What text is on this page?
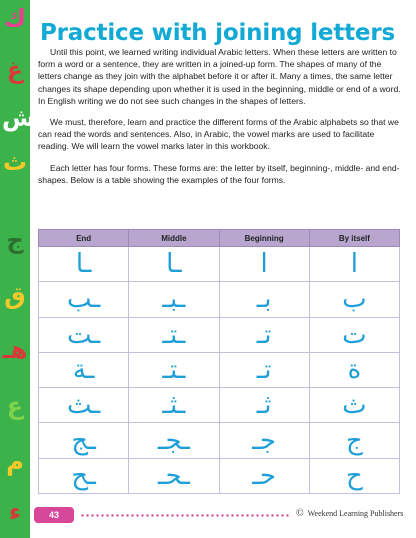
ك
غ
ش
ث
ج
ق
هـ
ع
م
ء
Practice with joining letters

Until this point, we learned writing individual Arabic letters. When these letters are written to form a word or a sentence, they are written in a joined-up form. The shapes of many of the letters change as they join with the alphabet before it or after it. Many a times, the same letter changes its shape depending upon whether it is used in the beginning, middle or end of a word. In English writing we do not see such changes in the shapes of letters.

We must, therefore, learn and practice the different forms of the Arabic alphabets so that we can read the words and sentences. Also, in Arabic, the vowel marks are used to facilitate reading. We will learn the vowel marks later in this workbook.

Each letter has four forms. These forms are: the letter by itself, beginning-, middle- and end-shapes. Below is a table showing the examples of the four forms.

End	Middle	Beginning	By itself
ـا	ـا	ا	ا
ـب	ـبـ	بـ	ب
ـت	ـتـ	تـ	ت
ـة	ـتـ	تـ	ة
ـث	ـثـ	ثـ	ث
ـج	ـجـ	جـ	ج
ـح	ـحـ	حـ	ح
43	© Weekend Learning Publishers
